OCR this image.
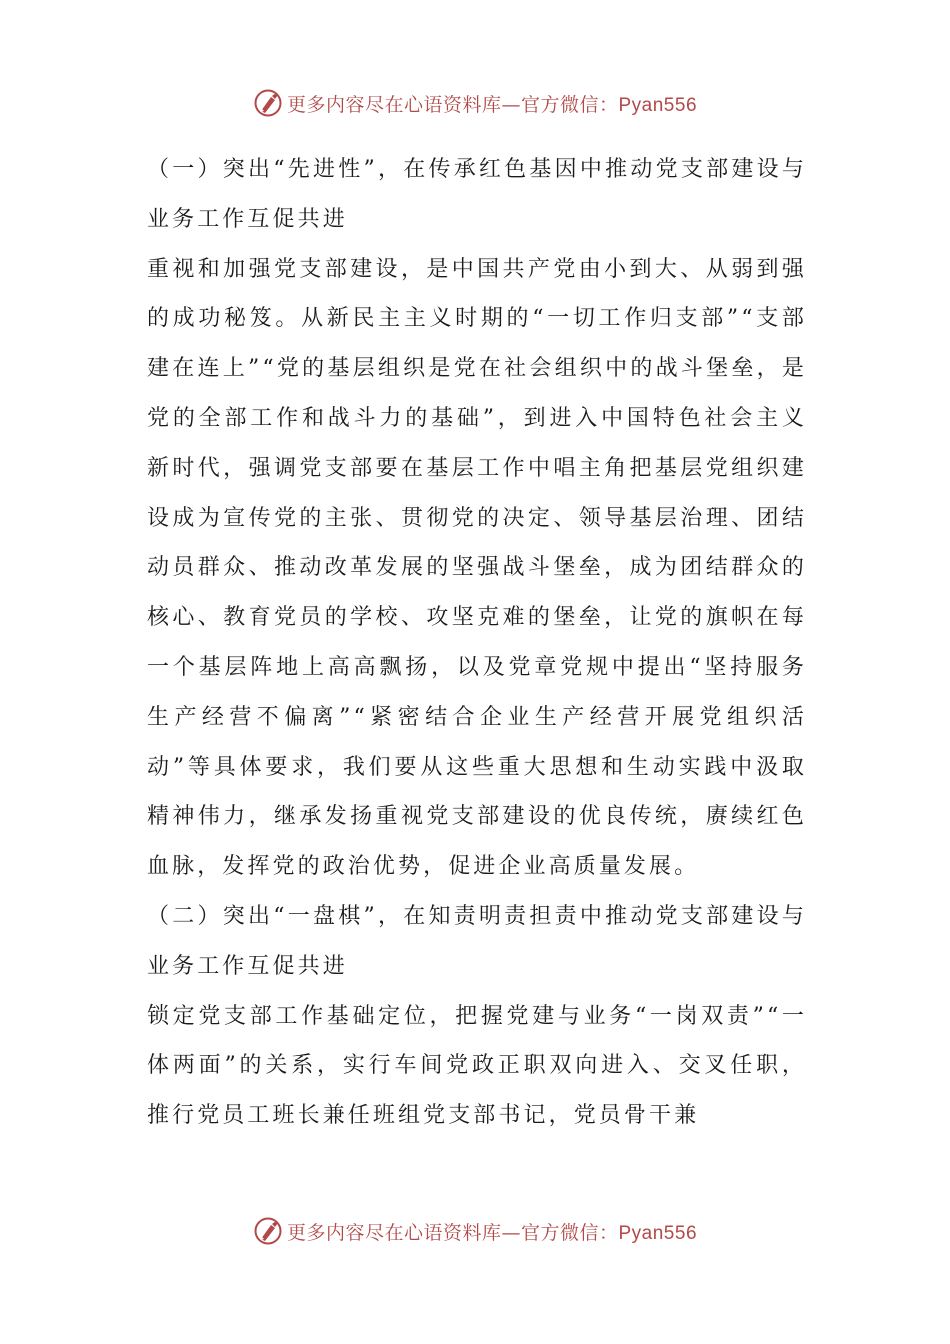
更多内容尽在心语资料库—官方微信：Pyan556

（一）突出“先进性”，在传承红色基因中推动党支部建设与业务工作互促共进

重视和加强党支部建设，是中国共产党由小到大、从弱到强的成功秘笈。从新民主主义时期的“一切工作归支部”“支部建在连上”“党的基层组织是党在社会组织中的战斗堡垒，是党的全部工作和战斗力的基础”，到进入中国特色社会主义新时代，强调党支部要在基层工作中唱主角把基层党组织建设成为宣传党的主张、贯彻党的决定、领导基层治理、团结动员群众、推动改革发展的坚强战斗堡垒，成为团结群众的核心、教育党员的学校、攻坚克难的堡垒，让党的旗帜在每一个基层阵地上高高飘扬，以及党章党规中提出“坚持服务生产经营不偏离”“紧密结合企业生产经营开展党组织活动”等具体要求，我们要从这些重大思想和生动实践中汲取精神伟力，继承发扬重视党支部建设的优良传统，赓续红色血脉，发挥党的政治优势，促进企业高质量发展。

（二）突出“一盘棋”，在知责明责担责中推动党支部建设与业务工作互促共进

锁定党支部工作基础定位，把握党建与业务“一岗双责”“一体两面”的关系，实行车间党政正职双向进入、交叉任职，推行党员工班长兼任班组党支部书记，党员骨干兼

更多内容尽在心语资料库—官方微信：Pyan556
